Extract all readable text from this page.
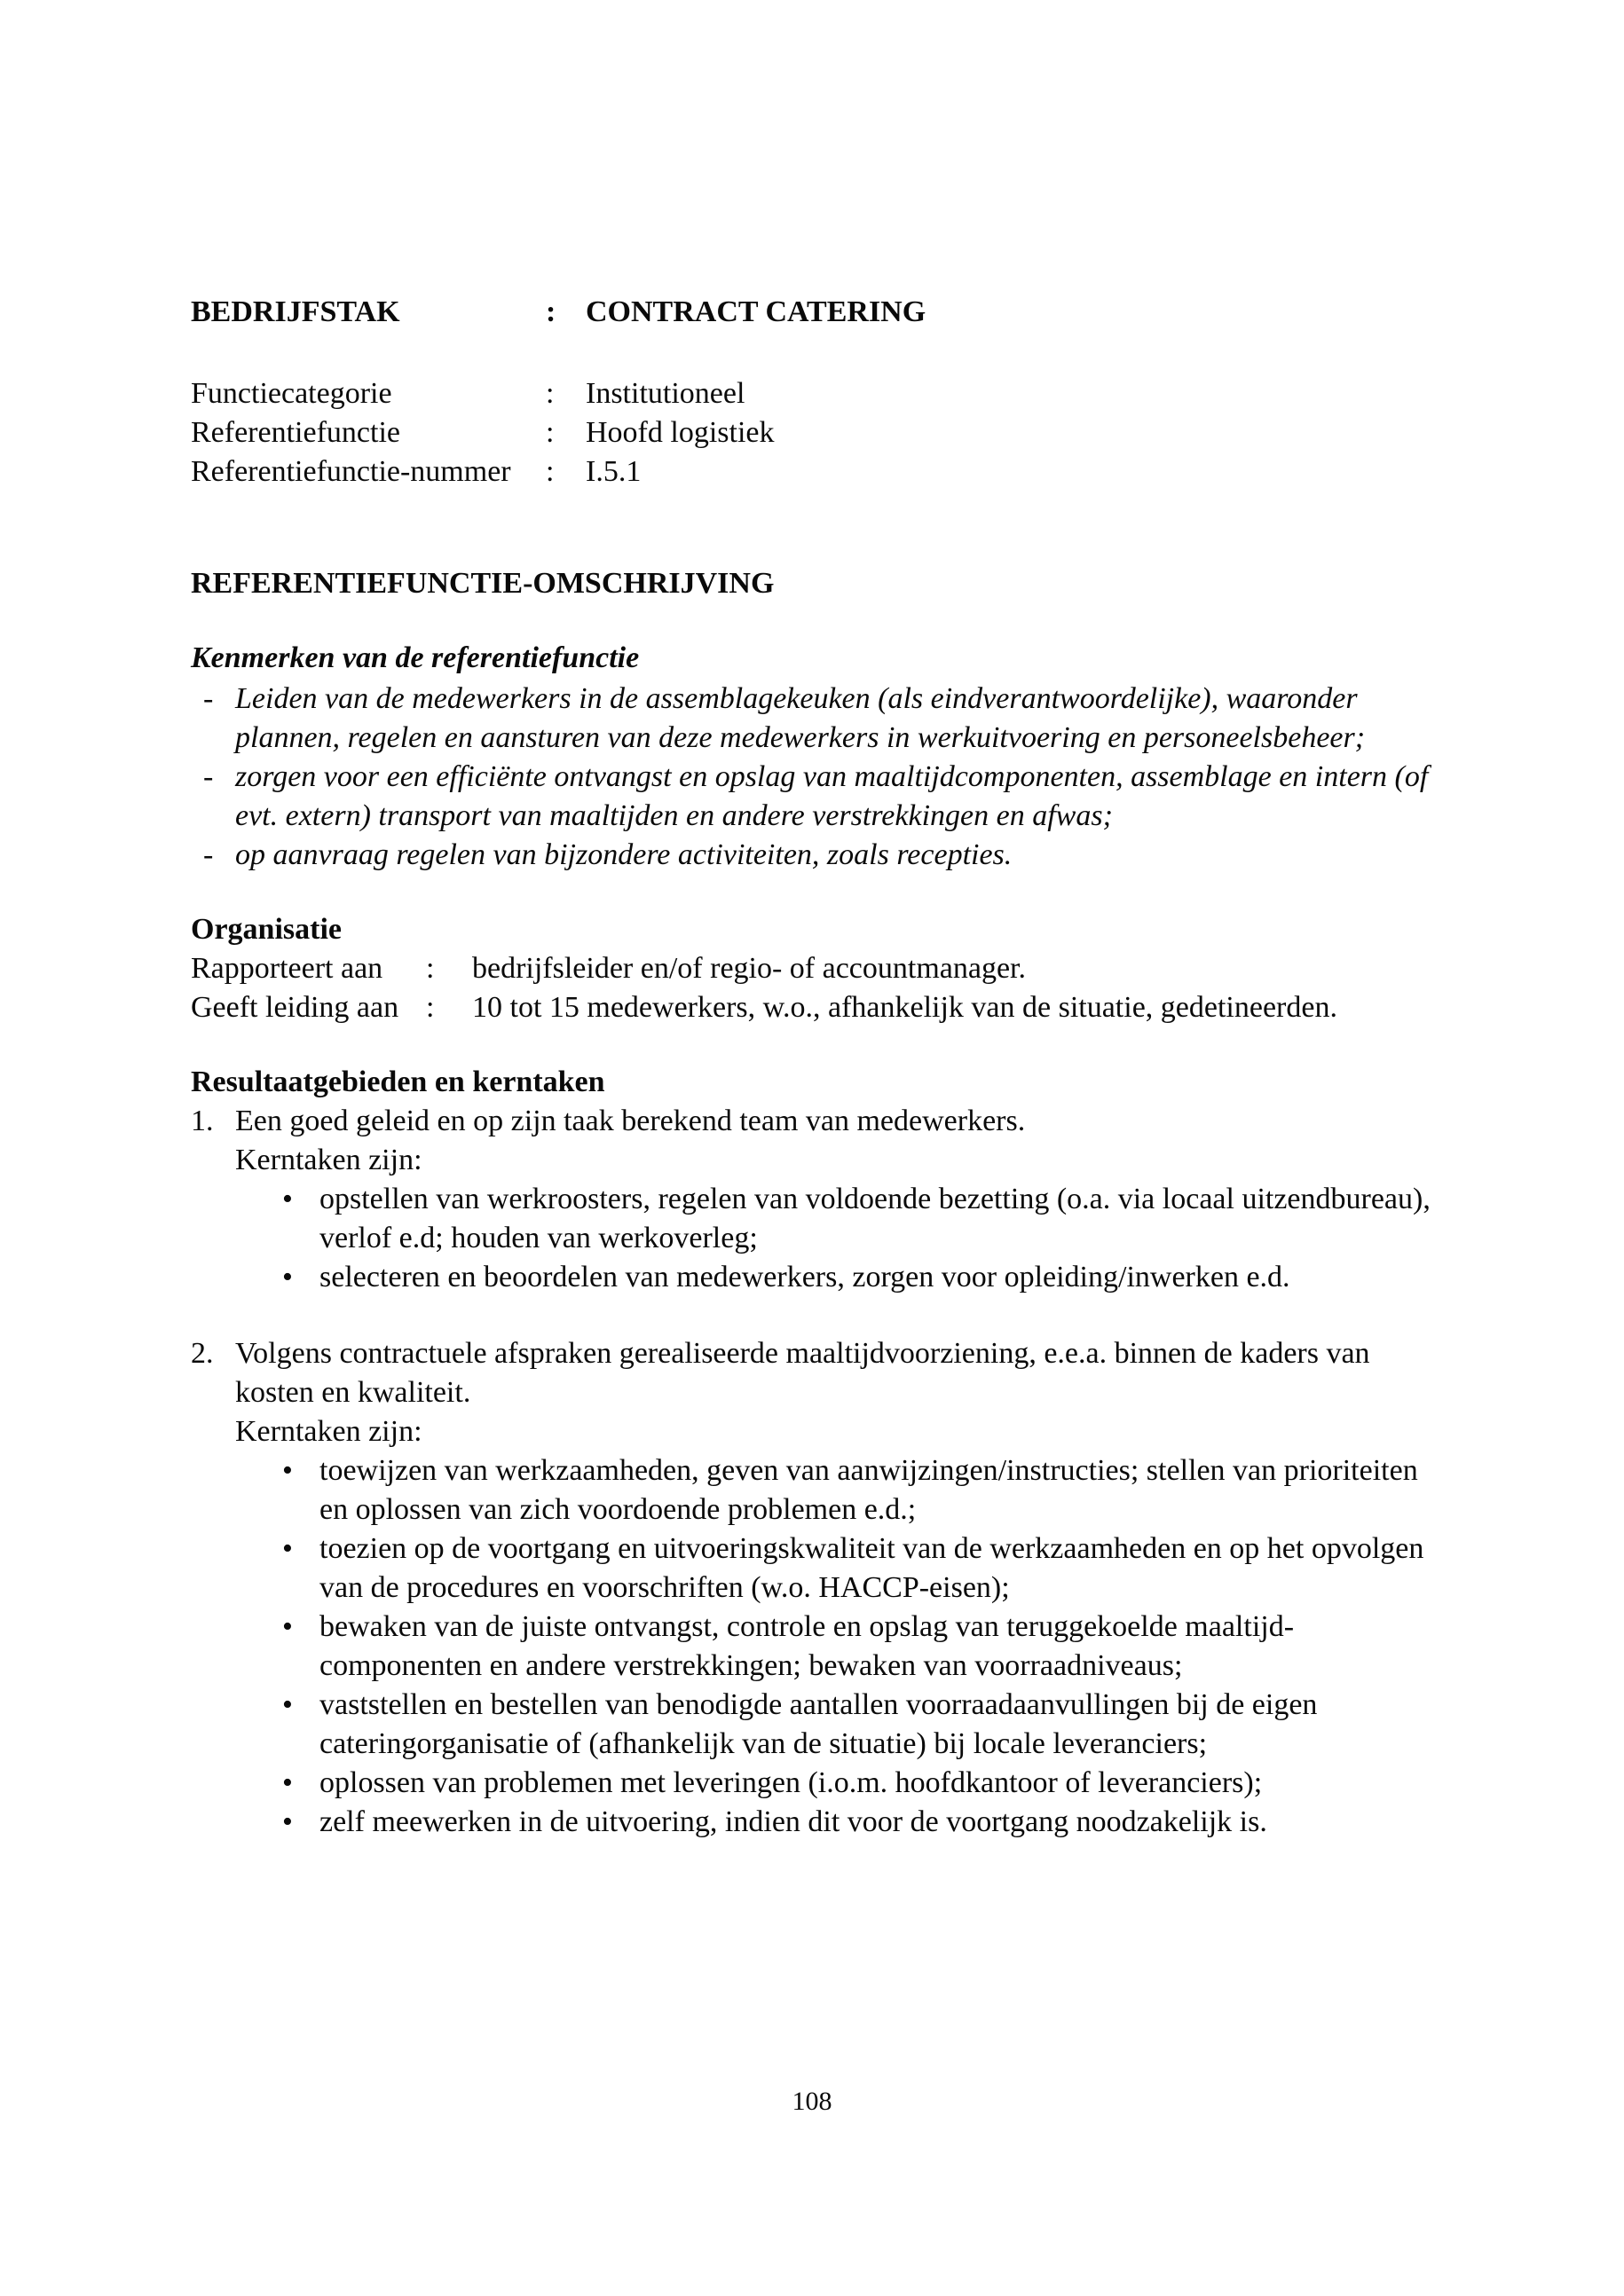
BEDRIJFSTAK	: CONTRACT CATERING
Functiecategorie	:	Institutioneel
Referentiefunctie	:	Hoofd logistiek
Referentiefunctie-nummer	:	I.5.1
REFERENTIEFUNCTIE-OMSCHRIJVING
Kenmerken van de referentiefunctie
- Leiden van de medewerkers in de assemblagekeuken (als eindverantwoordelijke), waaronder plannen, regelen en aansturen van deze medewerkers in werkuitvoering en personeelsbeheer;
- zorgen voor een efficiënte ontvangst en opslag van maaltijdcomponenten, assemblage en intern (of evt. extern) transport van maaltijden en andere verstrekkingen en afwas;
- op aanvraag regelen van bijzondere activiteiten, zoals recepties.
Organisatie
Rapporteert aan	:	bedrijfsleider en/of regio- of accountmanager.
Geeft leiding aan :	10 tot 15 medewerkers, w.o., afhankelijk van de situatie, gedetineerden.
Resultaatgebieden en kerntaken
1. Een goed geleid en op zijn taak berekend team van medewerkers.
Kerntaken zijn:
• opstellen van werkroosters, regelen van voldoende bezetting (o.a. via locaal uitzendbureau), verlof e.d; houden van werkoverleg;
• selecteren en beoordelen van medewerkers, zorgen voor opleiding/inwerken e.d.
2. Volgens contractuele afspraken gerealiseerde maaltijdvoorziening, e.e.a. binnen de kaders van kosten en kwaliteit.
Kerntaken zijn:
• toewijzen van werkzaamheden, geven van aanwijzingen/instructies; stellen van prioriteiten en oplossen van zich voordoende problemen e.d.;
• toezien op de voortgang en uitvoeringskwaliteit van de werkzaamheden en op het opvolgen van de procedures en voorschriften (w.o. HACCP-eisen);
• bewaken van de juiste ontvangst, controle en opslag van teruggekoelde maaltijd- componenten en andere verstrekkingen; bewaken van voorraadniveaus;
• vaststellen en bestellen van benodigde aantallen voorraadaanvullingen bij de eigen cateringorganisatie of (afhankelijk van de situatie) bij locale leveranciers;
• oplossen van problemen met leveringen (i.o.m. hoofdkantoor of leveranciers);
• zelf meewerken in de uitvoering, indien dit voor de voortgang noodzakelijk is.
108
